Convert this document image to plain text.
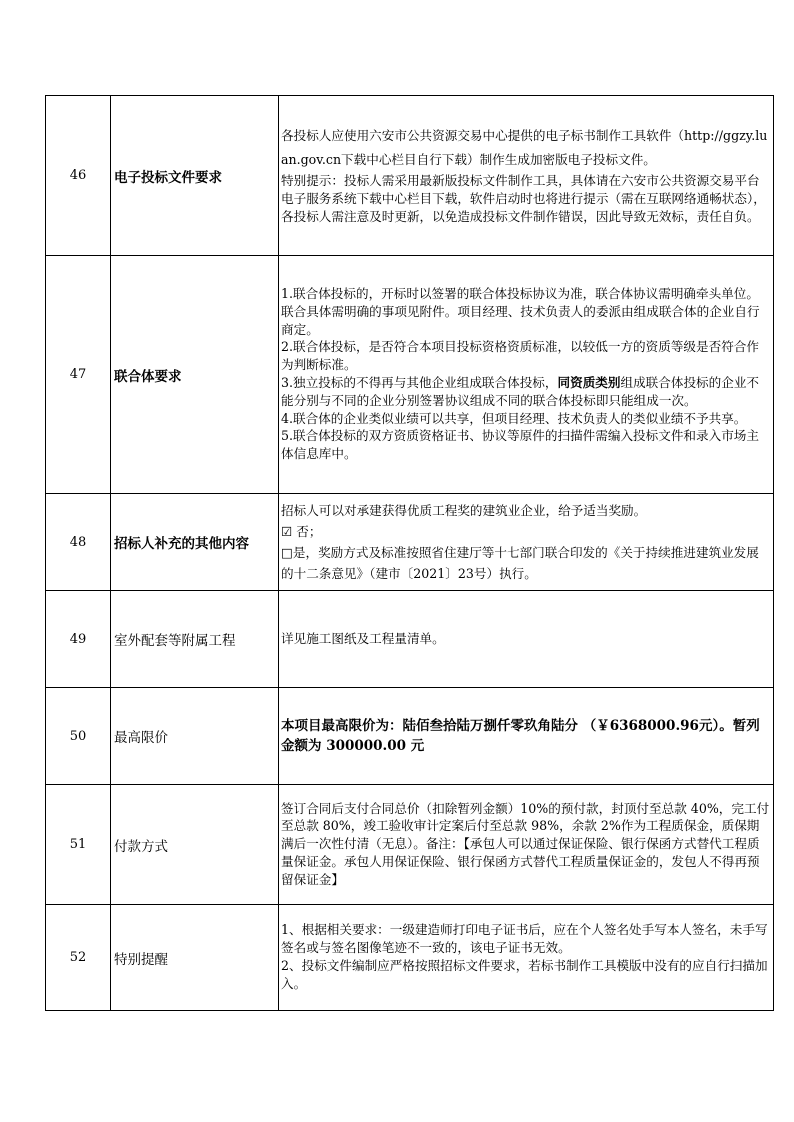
46	电子投标文件要求	各投标人应使用六安市公共资源交易中心提供的电子标书制作工具软件（http://ggzy.luan.gov.cn下载中心栏目自行下载）制作生成加密版电子投标文件。

特别提示：投标人需采用最新版投标文件制作工具，具体请在六安市公共资源交易平台电子服务系统下载中心栏目下载，软件启动时也将进行提示（需在互联网络通畅状态），各投标人需注意及时更新，以免造成投标文件制作错误，因此导致无效标，责任自负。

47	联合体要求	1.联合体投标的，开标时以签署的联合体投标协议为准，联合体协议需明确牵头单位。联合具体需明确的事项见附件。项目经理、技术负责人的委派由组成联合体的企业自行商定。

2.联合体投标，是否符合本项目投标资格资质标准，以较低一方的资质等级是否符合作为判断标准。

3.独立投标的不得再与其他企业组成联合体投标，同资质类别组成联合体投标的企业不能分别与不同的企业分别签署协议组成不同的联合体投标即只能组成一次。

4.联合体的企业类似业绩可以共享，但项目经理、技术负责人的类似业绩不予共享。

5.联合体投标的双方资质资格证书、协议等原件的扫描件需编入投标文件和录入市场主体信息库中。

48	招标人补充的其他内容	招标人可以对承建获得优质工程奖的建筑业企业，给予适当奖励。

☑ 否；

□是，奖励方式及标准按照省住建厅等十七部门联合印发的《关于持续推进建筑业发展的十二条意见》（建市〔2021〕23号）执行。

49	室外配套等附属工程	详见施工图纸及工程量清单。

50	最高限价	本项目最高限价为：陆佰叁拾陆万捌仟零玖角陆分 （￥6368000.96元）。暂列金额为 300000.00 元

51	付款方式	签订合同后支付合同总价（扣除暂列金额）10%的预付款，封顶付至总款 40%，完工付至总款 80%，竣工验收审计定案后付至总款 98%，余款 2%作为工程质保金，质保期满后一次性付清（无息）。备注：【承包人可以通过保证保险、银行保函方式替代工程质量保证金。承包人用保证保险、银行保函方式替代工程质量保证金的，发包人不得再预留保证金】

52	特别提醒	1、根据相关要求：一级建造师打印电子证书后，应在个人签名处手写本人签名，未手写签名或与签名图像笔迹不一致的，该电子证书无效。

2、投标文件编制应严格按照招标文件要求，若标书制作工具模版中没有的应自行扫描加入。
